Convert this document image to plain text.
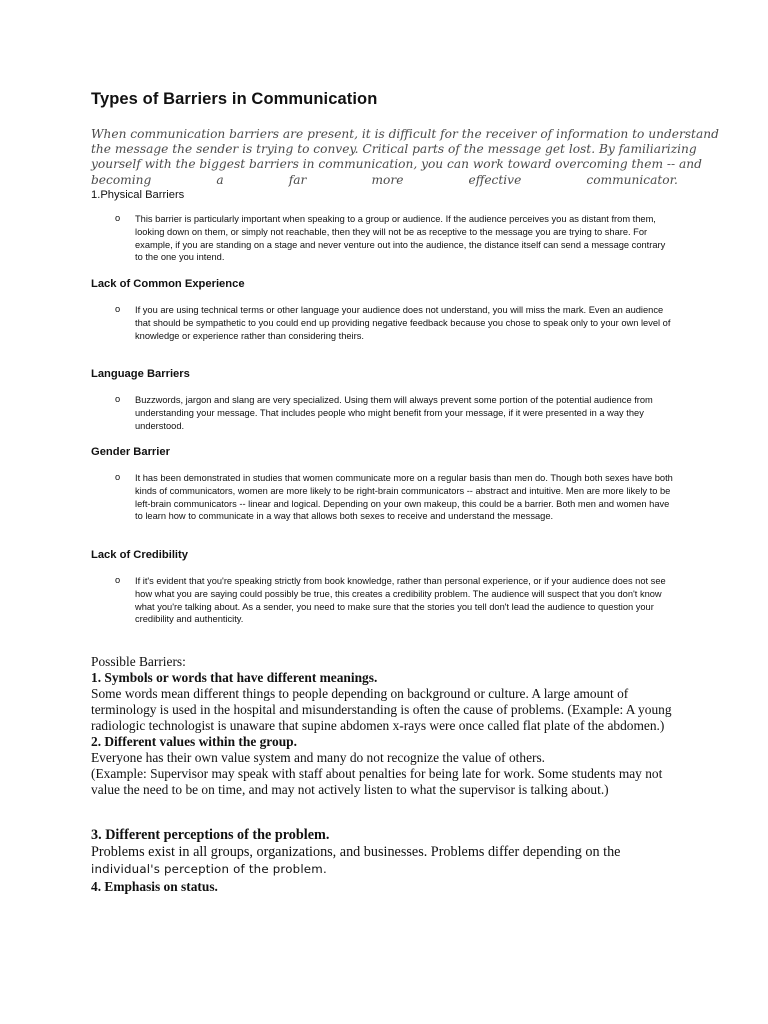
Types of Barriers in Communication
When communication barriers are present, it is difficult for the receiver of information to understand
the message the sender is trying to convey. Critical parts of the message get lost. By familiarizing
yourself with the biggest barriers in communication, you can work toward overcoming them -- and
becoming	a	far	more	effective	communicator.

1.Physical Barriers

o This barrier is particularly important when speaking to a group or audience. If the audience perceives you as distant from them, looking down on them, or simply not reachable, then they will not be as receptive to the message you are trying to share. For example, if you are standing on a stage and never venture out into the audience, the distance itself can send a message contrary to the one you intend.

Lack of Common Experience

o If you are using technical terms or other language your audience does not understand, you will miss the mark. Even an audience that should be sympathetic to you could end up providing negative feedback because you chose to speak only to your own level of knowledge or experience rather than considering theirs.

Language Barriers

o Buzzwords, jargon and slang are very specialized. Using them will always prevent some portion of the potential audience from understanding your message. That includes people who might benefit from your message, if it were presented in a way they understood.

Gender Barrier

o It has been demonstrated in studies that women communicate more on a regular basis than men do. Though both sexes have both kinds of communicators, women are more likely to be right-brain communicators -- abstract and intuitive. Men are more likely to be left-brain communicators -- linear and logical. Depending on your own makeup, this could be a barrier. Both men and women have to learn how to communicate in a way that allows both sexes to receive and understand the message.

Lack of Credibility

o If it's evident that you're speaking strictly from book knowledge, rather than personal experience, or if your audience does not see how what you are saying could possibly be true, this creates a credibility problem. The audience will suspect that you don't know what you're talking about. As a sender, you need to make sure that the stories you tell don't lead the audience to question your credibility and authenticity.

Possible Barriers:
1. Symbols or words that have different meanings.
Some words mean different things to people depending on background or culture. A large amount of terminology is used in the hospital and misunderstanding is often the cause of problems. (Example: A young radiologic technologist is unaware that supine abdomen x-rays were once called flat plate of the abdomen.)
2. Different values within the group.
Everyone has their own value system and many do not recognize the value of others.
(Example: Supervisor may speak with staff about penalties for being late for work. Some students may not value the need to be on time, and may not actively listen to what the supervisor is talking about.)
3. Different perceptions of the problem.
Problems exist in all groups, organizations, and businesses. Problems differ depending on the
individual's perception of the problem.
4. Emphasis on status.
